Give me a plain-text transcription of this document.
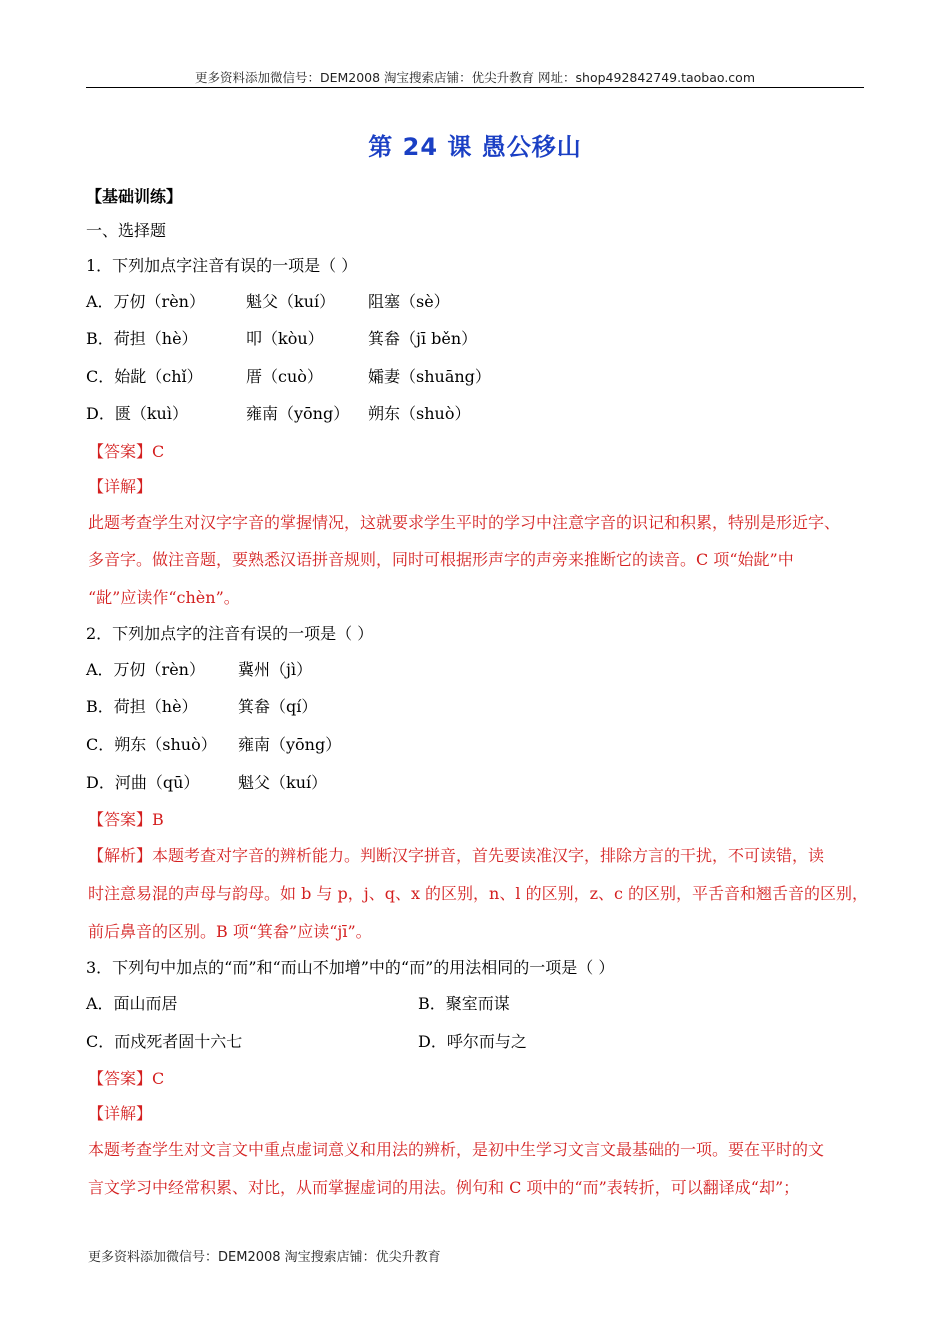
更多资料添加微信号：DEM2008 淘宝搜索店铺：优尖升教育 网址：shop492842749.taobao.com
第 24 课 愚公移山
【基础训练】
一、选择题
1．下列加点字注音有误的一项是（ ）
A．万仞（rèn）	魁父（kuí） 阻塞（sè）
B．荷担（hè）	叩（kòu）	箕畚（jī běn）
C．始龀（chǐ）	厝（cuò）	孀妻（shuāng）
D．匮（kuì）	雍南（yōng） 朔东（shuò）
【答案】C
【详解】
此题考查学生对汉字字音的掌握情况，这就要求学生平时的学习中注意字音的识记和积累，特别是形近字、
多音字。做注音题，要熟悉汉语拼音规则，同时可根据形声字的声旁来推断它的读音。C 项“始龀”中
“龀”应读作“chèn”。
2．下列加点字的注音有误的一项是（ ）
A．万仞（rèn） 冀州（jì）
B．荷担（hè）	箕畚（qí）
C．朔东（shuò） 雍南（yōng）
D．河曲（qū） 魁父（kuí）
【答案】B
【解析】本题考查对字音的辨析能力。判断汉字拼音，首先要读准汉字，排除方言的干扰，不可读错，读
时注意易混的声母与韵母。如 b 与 p，j、q、x 的区别，n、l 的区别，z、c 的区别，平舌音和翘舌音的区别，
前后鼻音的区别。B 项“箕畚”应读“jī”。
3．下列句中加点的“而”和“而山不加增”中的“而”的用法相同的一项是（ ）
A．面山而居	B．聚室而谋
C．而戍死者固十六七	D．呼尔而与之
【答案】C
【详解】
本题考查学生对文言文中重点虚词意义和用法的辨析，是初中生学习文言文最基础的一项。要在平时的文
言文学习中经常积累、对比，从而掌握虚词的用法。例句和 C 项中的“而”表转折，可以翻译成“却”；
更多资料添加微信号：DEM2008 淘宝搜索店铺：优尖升教育
